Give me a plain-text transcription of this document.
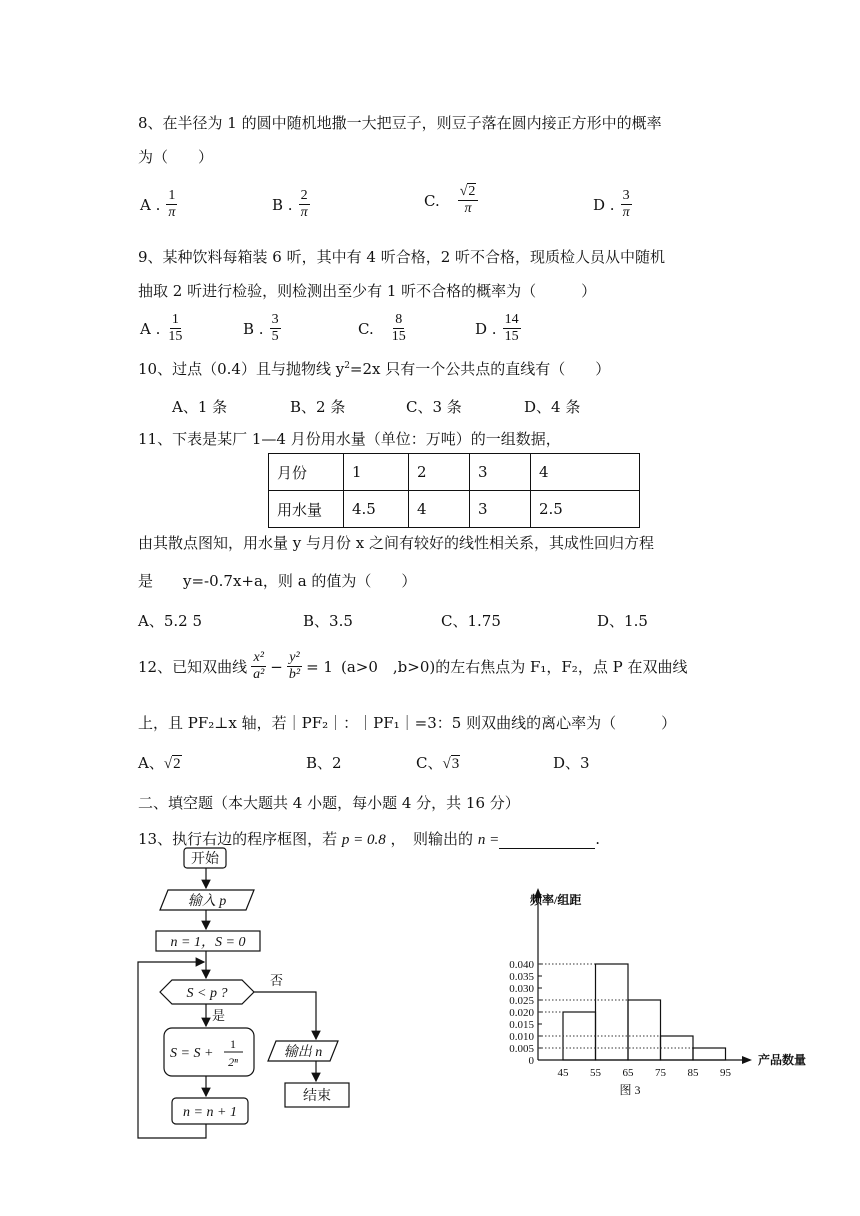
8、在半径为 1 的圆中随机地撒一大把豆子，则豆子落在圆内接正方形中的概率
为（　　）
A . $\frac{1}{\pi}$	B . $\frac{2}{\pi}$	C. $\frac{√2}{\pi}$	D . $\frac{3}{\pi}$
9、某种饮料每箱装 6 听，其中有 4 听合格，2 听不合格，现质检人员从中随机
抽取 2 听进行检验，则检测出至少有 1 听不合格的概率为（　　　）
A . $\frac{1}{15}$	B . $\frac{3}{5}$	C. $\frac{8}{15}$	D . $\frac{14}{15}$
10、过点（0.4）且与抛物线 $y^2=2x$ 只有一个公共点的直线有（　　）
A、1 条	B、2 条	C、3 条	D、4 条
11、下表是某厂 1—4 月份用水量（单位：万吨）的一组数据，
月份	1	2	3	4
用水量	4.5	4	3	2.5
由其散点图知，用水量 y 与月份 x 之间有较好的线性相关系，其成性回归方程
是　　y=-0.7x+a，则 a 的值为（　　）
A、5.2 5	B、3.5	C、1.75	D、1.5
12、已知双曲线 $\frac{\text{x²}}{\text{a²}} - \frac{\text{y²}}{\text{b²}} = 1$ (a>0　,b>0)的左右焦点为 F₁，F₂，点 P 在双曲线
上，且 PF₂⊥x 轴，若｜PF₂｜：｜PF₁｜=3：5 则双曲线的离心率为（　　　）
A、√2	B、2	C、√3	D、3
二、填空题（本大题共 4 小题，每小题 4 分，共 16 分）
13、执行右边的程序框图，若 p = 0.8 ，　则输出的 n =	.
开始
输入 p
n = 1，S = 0
S < p ?
否
是
S = S +
1
2ⁿ
n = n + 1
输出 n
结束
0
0.005
0.010
0.015
0.020
0.025
0.030
0.035
0.040
45 55 65 75 85 95
频率/组距
产品数量
图 3
